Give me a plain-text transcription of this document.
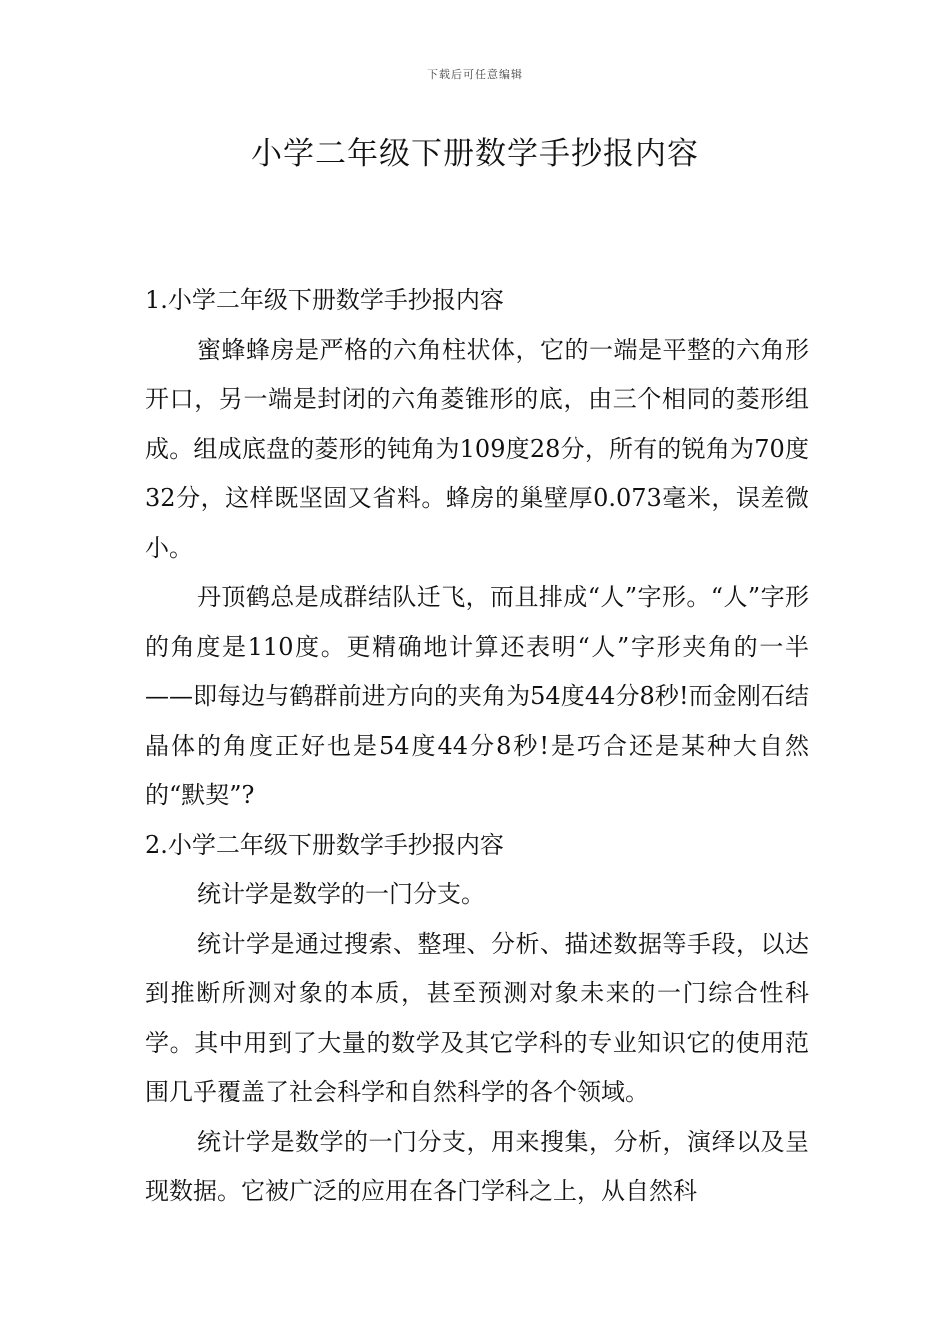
下载后可任意编辑
小学二年级下册数学手抄报内容

1.小学二年级下册数学手抄报内容

蜜蜂蜂房是严格的六角柱状体，它的一端是平整的六角形开口，另一端是封闭的六角菱锥形的底，由三个相同的菱形组成。组成底盘的菱形的钝角为109度28分，所有的锐角为70度32分，这样既坚固又省料。蜂房的巢壁厚0.073毫米，误差微小。

丹顶鹤总是成群结队迁飞，而且排成“人”字形。“人”字形的角度是110度。更精确地计算还表明“人”字形夹角的一半——即每边与鹤群前进方向的夹角为54度44分8秒!而金刚石结晶体的角度正好也是54度44分8秒!是巧合还是某种大自然的“默契”?

2.小学二年级下册数学手抄报内容

统计学是数学的一门分支。

统计学是通过搜索、整理、分析、描述数据等手段，以达到推断所测对象的本质，甚至预测对象未来的一门综合性科学。其中用到了大量的数学及其它学科的专业知识它的使用范围几乎覆盖了社会科学和自然科学的各个领域。

统计学是数学的一门分支，用来搜集，分析，演绎以及呈现数据。它被广泛的应用在各门学科之上，从自然科
